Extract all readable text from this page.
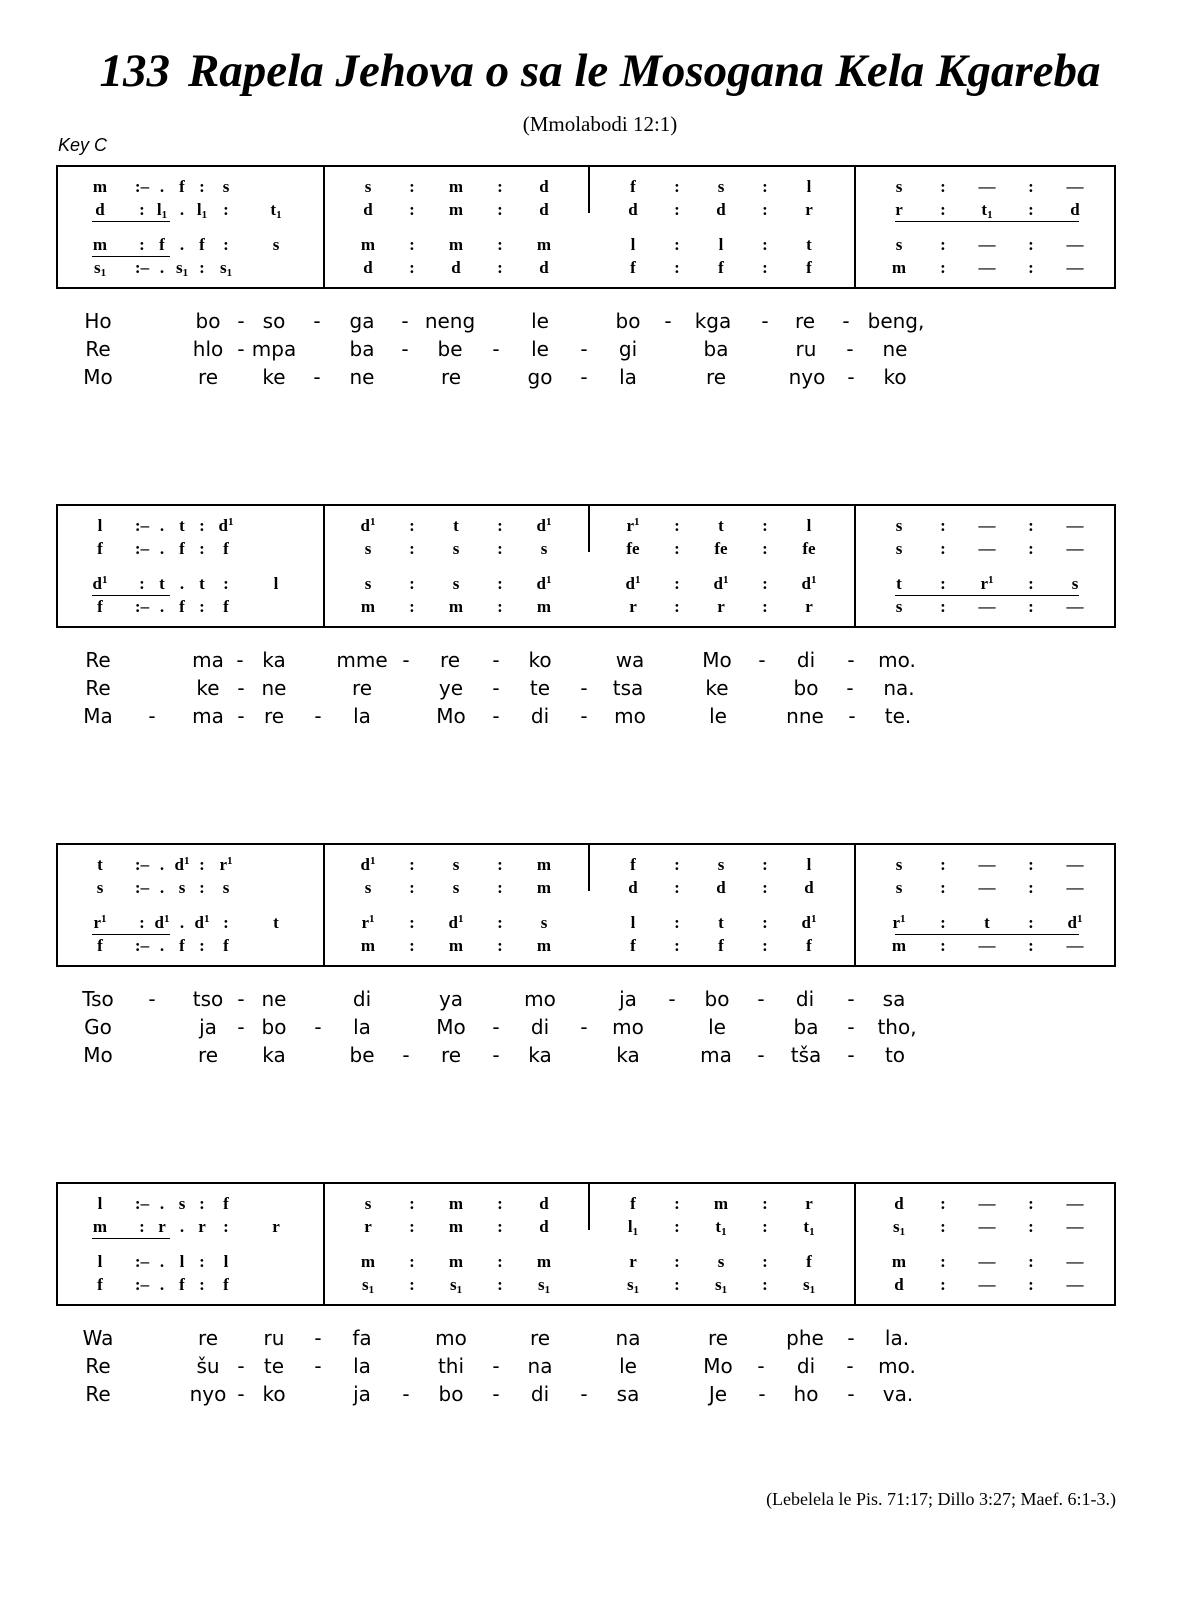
133 Rapela Jehova o sa le Mosogana Kela Kgareba
(Mmolabodi 12:1)
Key C
m :– . f : s	s : m : d	f : s : l	s : — : —
d : $l_1$ . $l_1$ : $t_1$	d : m : d	d : d : r	r : $t_1$ : d
m : f . f :	s	m : m : m	l : l : t	s : — : —
$s_1$ :– . $s_1$ : $s_1$	d : d : d	f : f : f	m : — : —
Ho	bo - so - ga - neng	le	bo - kga - re - beng,
Re	hlo - mpa	ba - be - le - gi	ba	ru - ne
Mo	re ke - ne	re	go - la	re	nyo - ko
l :– . t : $d^1$	$d^1$ : t : $d^1$	$r^1$ : t : l	s : — : —
f :– . f : f	s : s : s	fe : fe : fe	s : — : —
$d^1$ : t . t :	l	s : s : $d^1$	$d^1$ : $d^1$ : $d^1$	t : $r^1$ : s
f :– . f : f	m : m : m	r : r : r	s : — : —
Re	ma - ka	mme - re - ko	wa	Mo - di - mo.
Re	ke - ne	re	ye - te - tsa	ke	bo - na.
Ma - ma - re - la	Mo - di - mo	le	nne - te.
t :– . $d^1$ : $r^1$	$d^1$ : s : m	f : s : l	s : — : —
s :– . s : s	s : s : m	d : d : d	s : — : —
$r^1$ : $d^1$ . $d^1$ :	t	$r^1$ : $d^1$ : s	l : t : $d^1$	$r^1$ : t : $d^1$
f :– . f : f	m : m : m	f : f : f	m : — : —
Tso - tso - ne	di	ya	mo	ja - bo - di - sa
Go	ja - bo - la	Mo - di - mo	le	ba - tho,
Mo	re ka	be - re - ka	ka	ma - tša - to
l :– . s : f	s : m : d	f : m : r	d : — : —
m : r . r :	r	r : m : d	$l_1$ : $t_1$ : $t_1$	$s_1$ : — : —
l :– . l : l	m : m : m	r : s : f	m : — : —
f :– . f : f	$s_1$ : $s_1$ : $s_1$	$s_1$ : $s_1$ : $s_1$	d : — : —
Wa	re ru - fa	mo	re	na	re	phe - la.
Re	šu - te - la	thi - na	le	Mo - di - mo.
Re	nyo - ko	ja - bo - di - sa	Je - ho - va.
(Lebelela le Pis. 71:17; Dillo 3:27; Maef. 6:1-3.)
